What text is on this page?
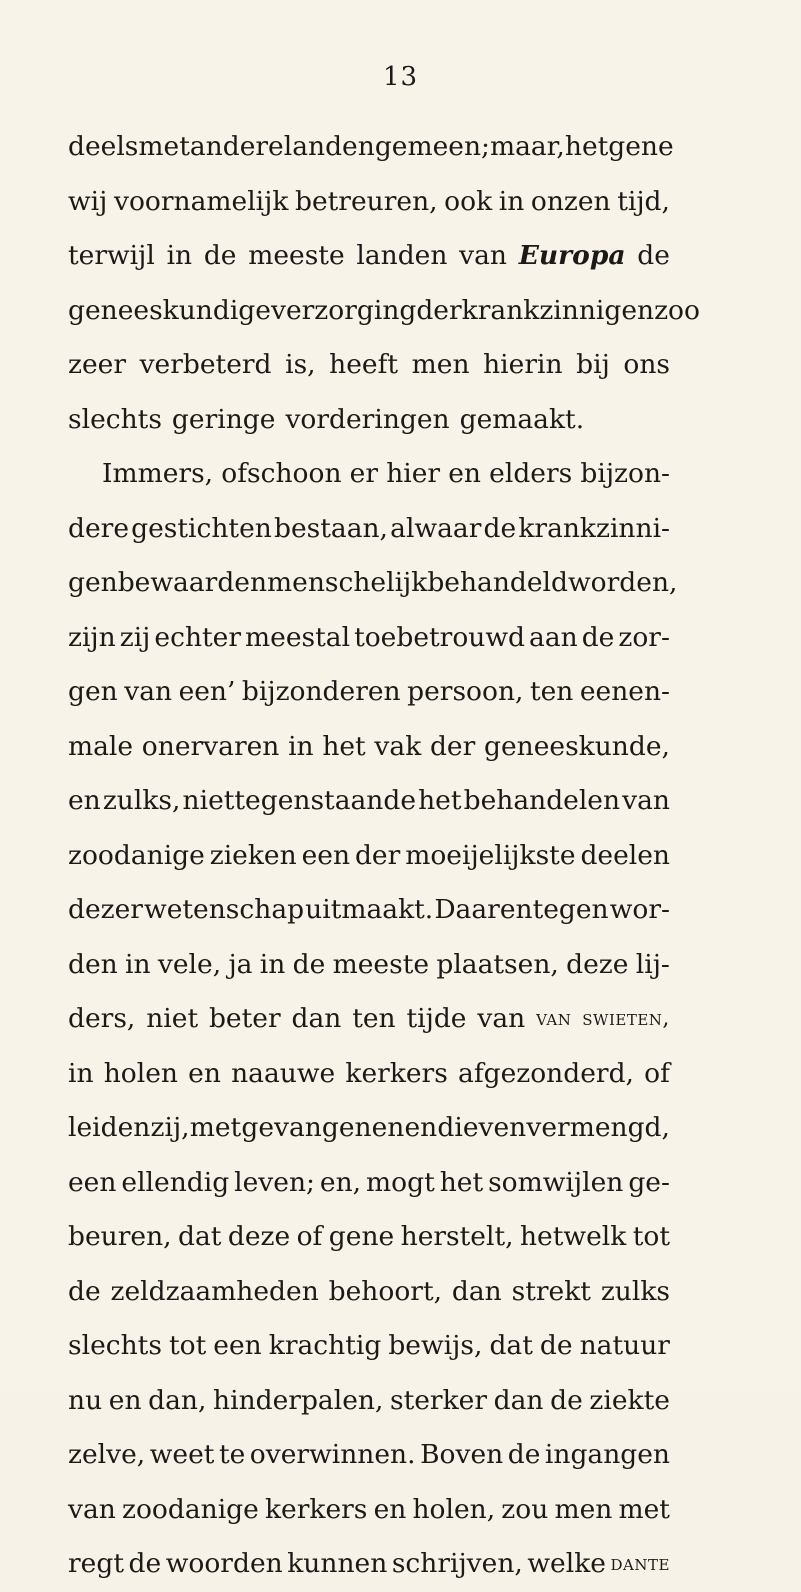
13
deels met andere landen gemeen; maar, hetgene
wij voornamelijk betreuren, ook in onzen tijd,
terwijl in de meeste landen van Europa de
geneeskundige verzorging der krankzinnigen zoo
zeer verbeterd is, heeft men hierin bij ons
slechts geringe vorderingen gemaakt.
Immers, ofschoon er hier en elders bijzon-
dere gestichten bestaan, alwaar de krankzinni-
gen bewaard en menschelijk behandeld worden,
zijn zij echter meestal toebetrouwd aan de zor-
gen van een’ bijzonderen persoon, ten eenen-
male onervaren in het vak der geneeskunde,
en zulks, niettegenstaande het behandelen van
zoodanige zieken een der moeijelijkste deelen
dezer wetenschap uitmaakt. Daarentegen wor-
den in vele, ja in de meeste plaatsen, deze lij-
ders, niet beter dan ten tijde van van swieten,
in holen en naauwe kerkers afgezonderd, of
leiden zij, met gevangenen en dieven vermengd,
een ellendig leven; en, mogt het somwijlen ge-
beuren, dat deze of gene herstelt, hetwelk tot
de zeldzaamheden behoort, dan strekt zulks
slechts tot een krachtig bewijs, dat de natuur
nu en dan, hinderpalen, sterker dan de ziekte
zelve, weet te overwinnen. Boven de ingangen
van zoodanige kerkers en holen, zou men met
regt de woorden kunnen schrijven, welke dante
